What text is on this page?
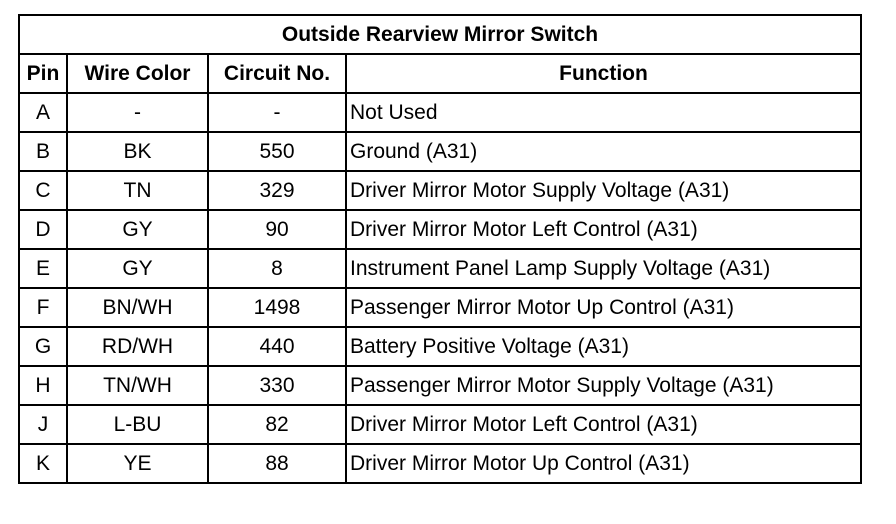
Outside Rearview Mirror Switch			
Pin	Wire Color	Circuit No.	Function
A	-	-	Not Used
B	BK	550	Ground (A31)
C	TN	329	Driver Mirror Motor Supply Voltage (A31)
D	GY	90	Driver Mirror Motor Left Control (A31)
E	GY	8	Instrument Panel Lamp Supply Voltage (A31)
F	BN/WH	1498	Passenger Mirror Motor Up Control (A31)
G	RD/WH	440	Battery Positive Voltage (A31)
H	TN/WH	330	Passenger Mirror Motor Supply Voltage (A31)
J	L-BU	82	Driver Mirror Motor Left Control (A31)
K	YE	88	Driver Mirror Motor Up Control (A31)
